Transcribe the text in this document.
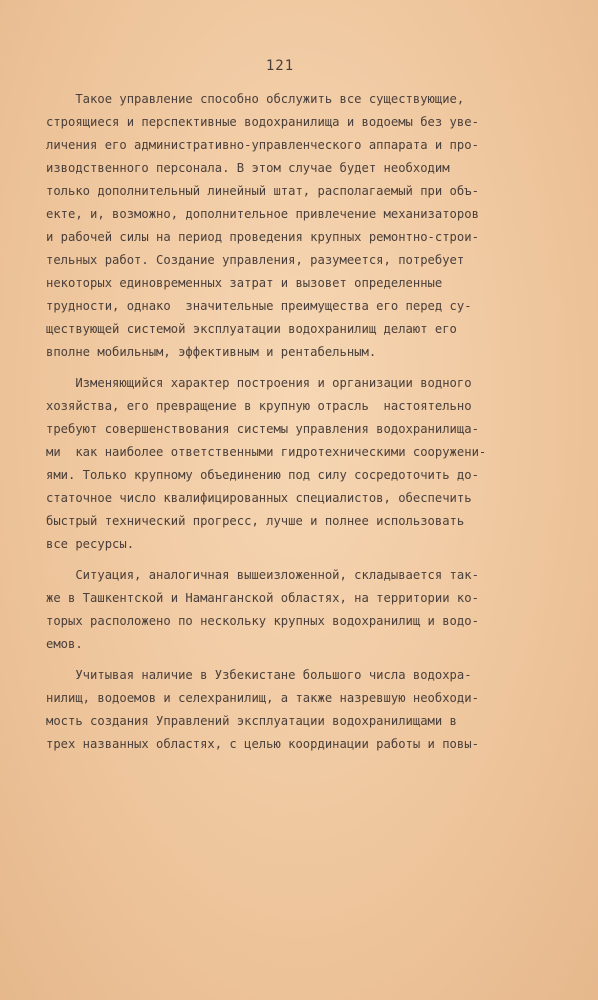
121
Такое управление способно обслужить все существующие,
строящиеся и перспективные водохранилища и водоемы без уве-
личения его административно-управленческого аппарата и про-
изводственного персонала. В этом случае будет необходим
только дополнительный линейный штат, располагаемый при объ-
екте, и, возможно, дополнительное привлечение механизаторов
и рабочей силы на период проведения крупных ремонтно-строи-
тельных работ. Создание управления, разумеется, потребует
некоторых единовременных затрат и вызовет определенные
трудности, однако  значительные преимущества его перед су-
ществующей системой эксплуатации водохранилищ делают его
вполне мобильным, эффективным и рентабельным.
Изменяющийся характер построения и организации водного
хозяйства, его превращение в крупную отрасль  настоятельно
требуют совершенствования системы управления водохранилища-
ми  как наиболее ответственными гидротехническими сооружени-
ями. Только крупному объединению под силу сосредоточить до-
статочное число квалифицированных специалистов, обеспечить
быстрый технический прогресс, лучше и полнее использовать
все ресурсы.
Ситуация, аналогичная вышеизложенной, складывается так-
же в Ташкентской и Наманганской областях, на территории ко-
торых расположено по нескольку крупных водохранилищ и водо-
емов.
Учитывая наличие в Узбекистане большого числа водохра-
нилищ, водоемов и селехранилищ, а также назревшую необходи-
мость создания Управлений эксплуатации водохранилищами в
трех названных областях, с целью координации работы и повы-
